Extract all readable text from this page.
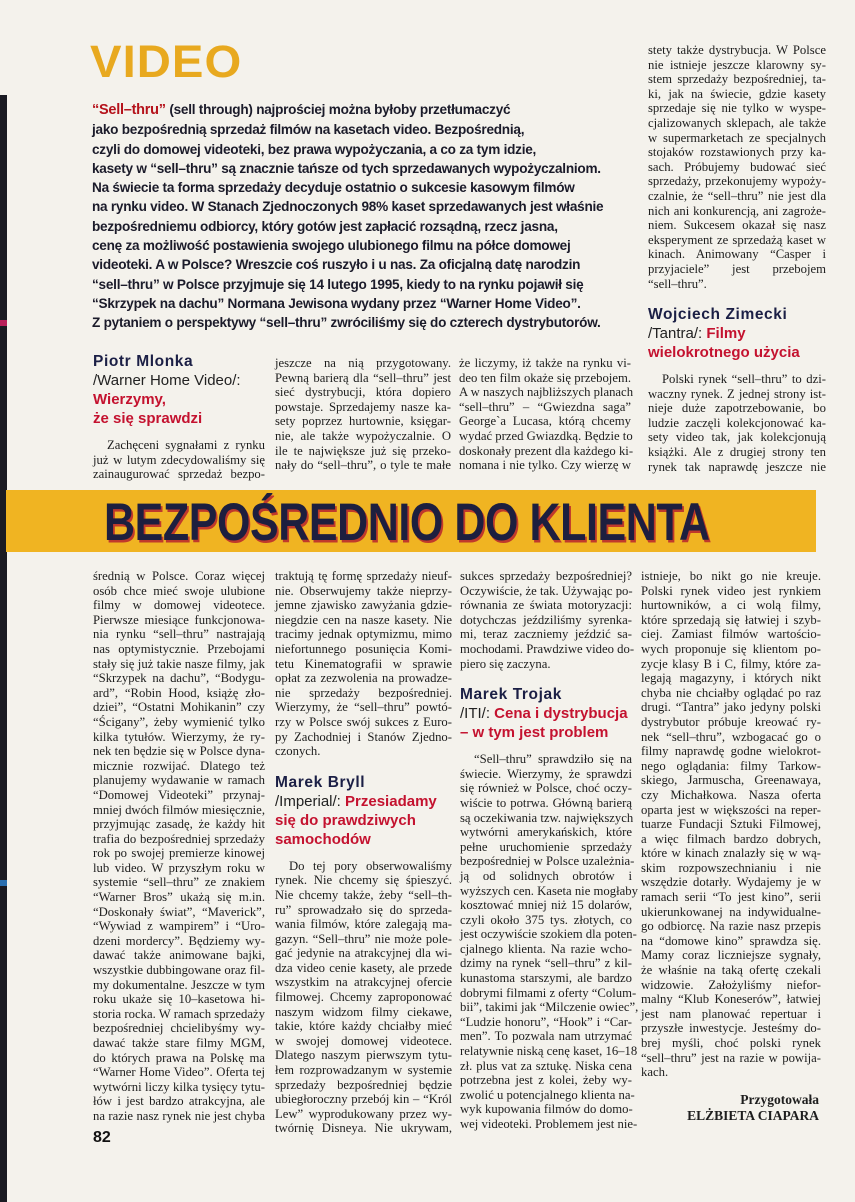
VIDEO
“Sell–thru” (sell through) najprościej można byłoby przetłumaczyć
jako bezpośrednią sprzedaż filmów na kasetach video. Bezpośrednią,
czyli do domowej videoteki, bez prawa wypożyczania, a co za tym idzie,
kasety w “sell–thru” są znacznie tańsze od tych sprzedawanych wypożyczalniom.
Na świecie ta forma sprzedaży decyduje ostatnio o sukcesie kasowym filmów
na rynku video. W Stanach Zjednoczonych 98% kaset sprzedawanych jest właśnie
bezpośredniemu odbiorcy, który gotów jest zapłacić rozsądną, rzecz jasna,
cenę za możliwość postawienia swojego ulubionego filmu na półce domowej
videoteki. A w Polsce? Wreszcie coś ruszyło i u nas. Za oficjalną datę narodzin
“sell–thru” w Polsce przyjmuje się 14 lutego 1995, kiedy to na rynku pojawił się
“Skrzypek na dachu” Normana Jewisona wydany przez “Warner Home Video”.
Z pytaniem o perspektywy “sell–thru” zwróciliśmy się do czterech dystrybutorów.
Piotr Mlonka
/Warner Home Video/:
Wierzymy,
że się sprawdzi
Zachęceni sygnałami z rynku
już w lutym zdecydowaliśmy się
zainaugurować sprzedaż bezpo-
jeszcze na nią przygotowany.
Pewną barierą dla “sell–thru” jest
sieć dystrybucji, która dopiero
powstaje. Sprzedajemy nasze ka-
sety poprzez hurtownie, księgar-
nie, ale także wypożyczalnie. O
ile te największe już się przeko-
nały do “sell–thru”, o tyle te małe
że liczymy, iż także na rynku vi-
deo ten film okaże się przebojem.
A w naszych najbliższych planach
“sell–thru” – “Gwiezdna saga”
George`a Lucasa, którą chcemy
wydać przed Gwiazdką. Będzie to
doskonały prezent dla każdego ki-
nomana i nie tylko. Czy wierzę w
stety także dystrybucja. W Polsce
nie istnieje jeszcze klarowny sy-
stem sprzedaży bezpośredniej, ta-
ki, jak na świecie, gdzie kasety
sprzedaje się nie tylko w wyspe-
cjalizowanych sklepach, ale także
w supermarketach ze specjalnych
stojaków rozstawionych przy ka-
sach. Próbujemy budować sieć
sprzedaży, przekonujemy wypoży-
czalnie, że “sell–thru” nie jest dla
nich ani konkurencją, ani zagroże-
niem. Sukcesem okazał się nasz
eksperyment ze sprzedażą kaset w
kinach. Animowany “Casper i
przyjaciele” jest przebojem
“sell–thru”.
Wojciech Zimecki
/Tantra/: Filmy
wielokrotnego użycia
Polski rynek “sell–thru” to dzi-
waczny rynek. Z jednej strony ist-
nieje duże zapotrzebowanie, bo
ludzie zaczęli kolekcjonować ka-
sety video tak, jak kolekcjonują
książki. Ale z drugiej strony ten
rynek tak naprawdę jeszcze nie
BEZPOŚREDNIO DO KLIENTA
średnią w Polsce. Coraz więcej
osób chce mieć swoje ulubione
filmy w domowej videotece.
Pierwsze miesiące funkcjonowa-
nia rynku “sell–thru” nastrajają
nas optymistycznie. Przebojami
stały się już takie nasze filmy, jak
“Skrzypek na dachu”, “Bodygu-
ard”, “Robin Hood, książę zło-
dziei”, “Ostatni Mohikanin” czy
“Ścigany”, żeby wymienić tylko
kilka tytułów. Wierzymy, że ry-
nek ten będzie się w Polsce dyna-
micznie rozwijać. Dlatego też
planujemy wydawanie w ramach
“Domowej Videoteki” przynaj-
mniej dwóch filmów miesięcznie,
przyjmując zasadę, że każdy hit
trafia do bezpośredniej sprzedaży
rok po swojej premierze kinowej
lub video. W przyszłym roku w
systemie “sell–thru” ze znakiem
“Warner Bros” ukażą się m.in.
“Doskonały świat”, “Maverick”,
“Wywiad z wampirem” i “Uro-
dzeni mordercy”. Będziemy wy-
dawać także animowane bajki,
wszystkie dubbingowane oraz fil-
my dokumentalne. Jeszcze w tym
roku ukaże się 10–kasetowa hi-
storia rocka. W ramach sprzedaży
bezpośredniej chcielibyśmy wy-
dawać także stare filmy MGM,
do których prawa na Polskę ma
“Warner Home Video”. Oferta tej
wytwórni liczy kilka tysięcy tytu-
łów i jest bardzo atrakcyjna, ale
na razie nasz rynek nie jest chyba
traktują tę formę sprzedaży nieuf-
nie. Obserwujemy także nieprzy-
jemne zjawisko zawyżania gdzie-
niegdzie cen na nasze kasety. Nie
tracimy jednak optymizmu, mimo
niefortunnego posunięcia Komi-
tetu Kinematografii w sprawie
opłat za zezwolenia na prowadze-
nie sprzedaży bezpośredniej.
Wierzymy, że “sell–thru” powtó-
rzy w Polsce swój sukces z Euro-
py Zachodniej i Stanów Zjedno-
czonych.
Marek Bryll
/Imperial/: Przesiadamy
się do prawdziwych
samochodów
Do tej pory obserwowaliśmy
rynek. Nie chcemy się śpieszyć.
Nie chcemy także, żeby “sell–th-
ru” sprowadzało się do sprzeda-
wania filmów, które zalegają ma-
gazyn. “Sell–thru” nie może pole-
gać jedynie na atrakcyjnej dla wi-
dza video cenie kasety, ale przede
wszystkim na atrakcyjnej ofercie
filmowej. Chcemy zaproponować
naszym widzom filmy ciekawe,
takie, które każdy chciałby mieć
w swojej domowej videotece.
Dlatego naszym pierwszym tytu-
łem rozprowadzanym w systemie
sprzedaży bezpośredniej będzie
ubiegłoroczny przebój kin – “Król
Lew” wyprodukowany przez wy-
twórnię Disneya. Nie ukrywam,
sukces sprzedaży bezpośredniej?
Oczywiście, że tak. Używając po-
równania ze świata motoryzacji:
dotychczas jeździliśmy syrenka-
mi, teraz zaczniemy jeździć sa-
mochodami. Prawdziwe video do-
piero się zaczyna.
Marek Trojak
/ITI/: Cena i dystrybucja
– w tym jest problem
“Sell–thru” sprawdziło się na
świecie. Wierzymy, że sprawdzi
się również w Polsce, choć oczy-
wiście to potrwa. Główną barierą
są oczekiwania tzw. największych
wytwórni amerykańskich, które
pełne uruchomienie sprzedaży
bezpośredniej w Polsce uzależnia-
ją od solidnych obrotów i
wyższych cen. Kaseta nie mogłaby
kosztować mniej niż 15 dolarów,
czyli około 375 tys. złotych, co
jest oczywiście szokiem dla poten-
cjalnego klienta. Na razie wcho-
dzimy na rynek “sell–thru” z kil-
kunastoma starszymi, ale bardzo
dobrymi filmami z oferty “Colum-
bii”, takimi jak “Milczenie owiec”,
“Ludzie honoru”, “Hook” i “Car-
men”. To pozwala nam utrzymać
relatywnie niską cenę kaset, 16–18
zł. plus vat za sztukę. Niska cena
potrzebna jest z kolei, żeby wy-
zwolić u potencjalnego klienta na-
wyk kupowania filmów do domo-
wej videoteki. Problemem jest nie-
istnieje, bo nikt go nie kreuje.
Polski rynek video jest rynkiem
hurtowników, a ci wolą filmy,
które sprzedają się łatwiej i szyb-
ciej. Zamiast filmów wartościo-
wych proponuje się klientom po-
zycje klasy B i C, filmy, które za-
legają magazyny, i których nikt
chyba nie chciałby oglądać po raz
drugi. “Tantra” jako jedyny polski
dystrybutor próbuje kreować ry-
nek “sell–thru”, wzbogacać go o
filmy naprawdę godne wielokrot-
nego oglądania: filmy Tarkow-
skiego, Jarmuscha, Greenawaya,
czy Michałkowa. Nasza oferta
oparta jest w większości na reper-
tuarze Fundacji Sztuki Filmowej,
a więc filmach bardzo dobrych,
które w kinach znalazły się w wą-
skim rozpowszechnianiu i nie
wszędzie dotarły. Wydajemy je w
ramach serii “To jest kino”, serii
ukierunkowanej na indywidualne-
go odbiorcę. Na razie nasz przepis
na “domowe kino” sprawdza się.
Mamy coraz liczniejsze sygnały,
że właśnie na taką ofertę czekali
widzowie. Założyliśmy niefor-
malny “Klub Koneserów”, łatwiej
jest nam planować repertuar i
przyszłe inwestycje. Jesteśmy do-
brej myśli, choć polski rynek
“sell–thru” jest na razie w powija-
kach.
Przygotowała
ELŻBIETA CIAPARA
82
